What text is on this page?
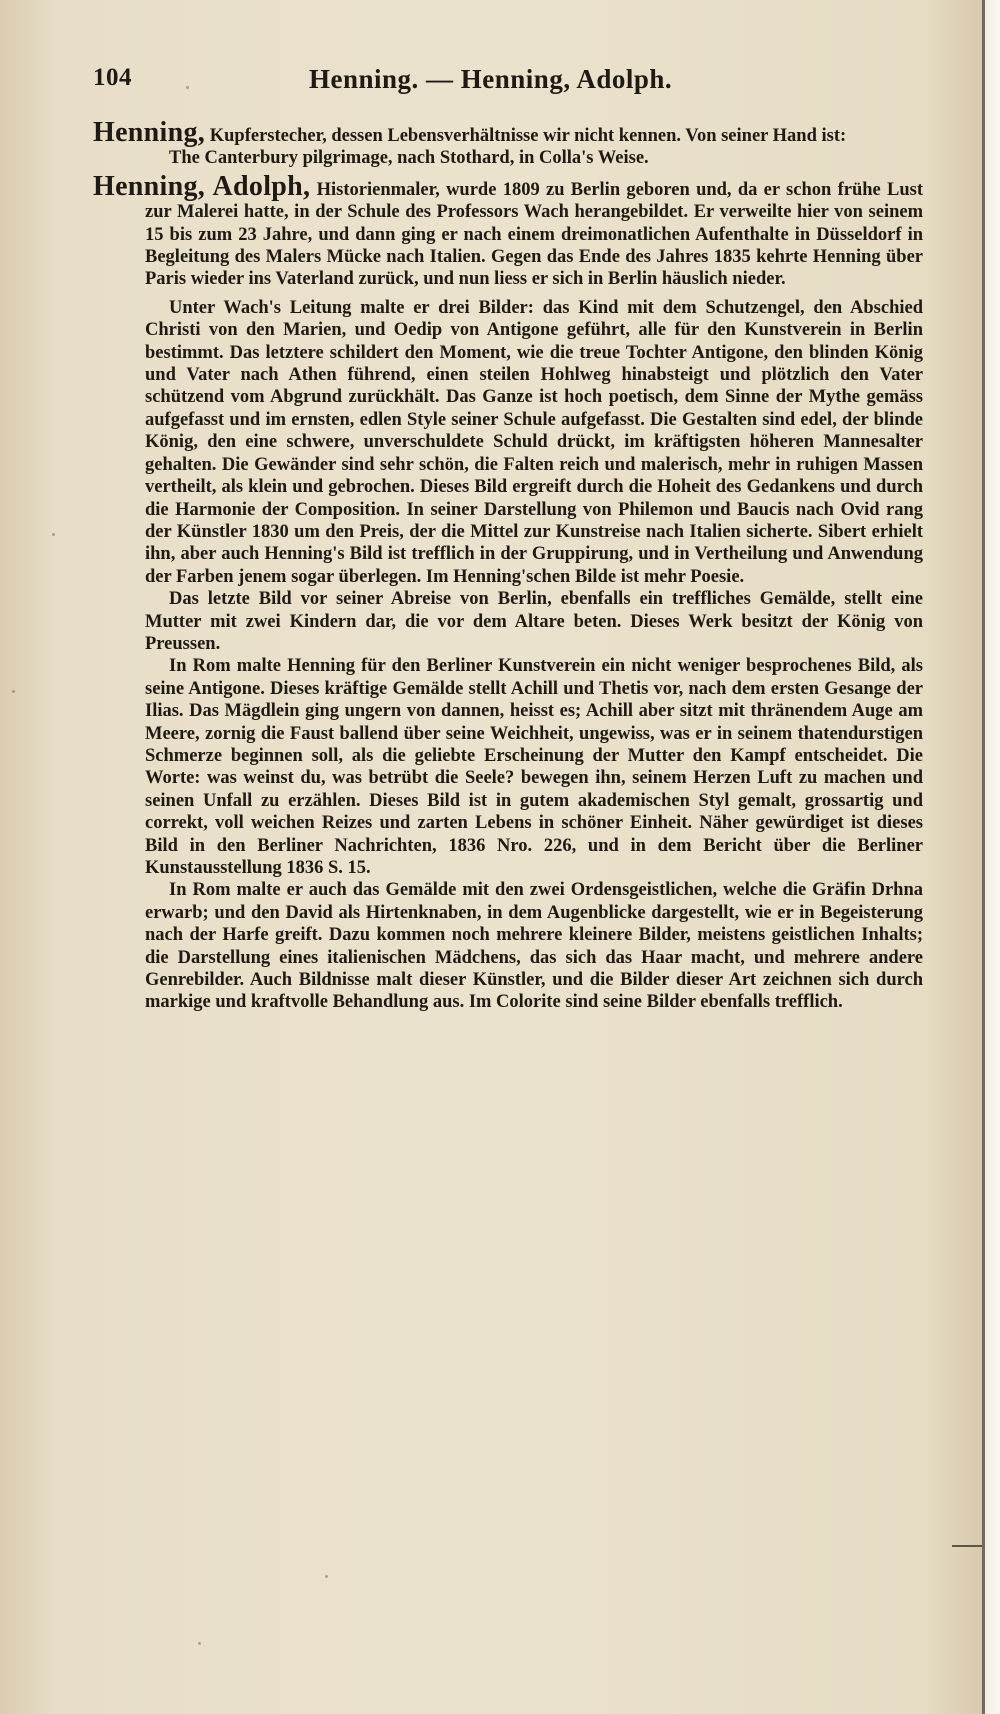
104	Henning. — Henning, Adolph.

Henning, Kupferstecher, dessen Lebensverhältnisse wir nicht kennen. Von seiner Hand ist:
The Canterbury pilgrimage, nach Stothard, in Colla's Weise.

Henning, Adolph, Historienmaler, wurde 1809 zu Berlin geboren und, da er schon frühe Lust zur Malerei hatte, in der Schule des Professors Wach herangebildet. Er verweilte hier von seinem 15 bis zum 23 Jahre, und dann ging er nach einem dreimonatlichen Aufenthalte in Düsseldorf in Begleitung des Malers Mücke nach Italien. Gegen das Ende des Jahres 1835 kehrte Henning über Paris wieder ins Vaterland zurück, und nun liess er sich in Berlin häuslich nieder.

Unter Wach's Leitung malte er drei Bilder: das Kind mit dem Schutzengel, den Abschied Christi von den Marien, und Oedip von Antigone geführt, alle für den Kunstverein in Berlin bestimmt. Das letztere schildert den Moment, wie die treue Tochter Antigone, den blinden König und Vater nach Athen führend, einen steilen Hohlweg hinabsteigt und plötzlich den Vater schützend vom Abgrund zurückhält. Das Ganze ist hoch poetisch, dem Sinne der Mythe gemäss aufgefasst und im ernsten, edlen Style seiner Schule aufgefasst. Die Gestalten sind edel, der blinde König, den eine schwere, unverschuldete Schuld drückt, im kräftigsten höheren Mannesalter gehalten. Die Gewänder sind sehr schön, die Falten reich und malerisch, mehr in ruhigen Massen vertheilt, als klein und gebrochen. Dieses Bild ergreift durch die Hoheit des Gedankens und durch die Harmonie der Composition. In seiner Darstellung von Philemon und Baucis nach Ovid rang der Künstler 1830 um den Preis, der die Mittel zur Kunstreise nach Italien sicherte. Sibert erhielt ihn, aber auch Henning's Bild ist trefflich in der Gruppirung, und in Vertheilung und Anwendung der Farben jenem sogar überlegen. Im Henning'schen Bilde ist mehr Poesie.

Das letzte Bild vor seiner Abreise von Berlin, ebenfalls ein treffliches Gemälde, stellt eine Mutter mit zwei Kindern dar, die vor dem Altare beten. Dieses Werk besitzt der König von Preussen.

In Rom malte Henning für den Berliner Kunstverein ein nicht weniger besprochenes Bild, als seine Antigone. Dieses kräftige Gemälde stellt Achill und Thetis vor, nach dem ersten Gesange der Ilias. Das Mägdlein ging ungern von dannen, heisst es; Achill aber sitzt mit thränendem Auge am Meere, zornig die Faust ballend über seine Weichheit, ungewiss, was er in seinem thatendurstigen Schmerze beginnen soll, als die geliebte Erscheinung der Mutter den Kampf entscheidet. Die Worte: was weinst du, was betrübt die Seele? bewegen ihn, seinem Herzen Luft zu machen und seinen Unfall zu erzählen. Dieses Bild ist in gutem akademischen Styl gemalt, grossartig und correkt, voll weichen Reizes und zarten Lebens in schöner Einheit. Näher gewürdiget ist dieses Bild in den Berliner Nachrichten, 1836 Nro. 226, und in dem Bericht über die Berliner Kunstausstellung 1836 S. 15.

In Rom malte er auch das Gemälde mit den zwei Ordensgeistlichen, welche die Gräfin Drhna erwarb; und den David als Hirtenknaben, in dem Augenblicke dargestellt, wie er in Begeisterung nach der Harfe greift. Dazu kommen noch mehrere kleinere Bilder, meistens geistlichen Inhalts; die Darstellung eines italienischen Mädchens, das sich das Haar macht, und mehrere andere Genrebilder. Auch Bildnisse malt dieser Künstler, und die Bilder dieser Art zeichnen sich durch markige und kraftvolle Behandlung aus. Im Colorite sind seine Bilder ebenfalls trefflich.
